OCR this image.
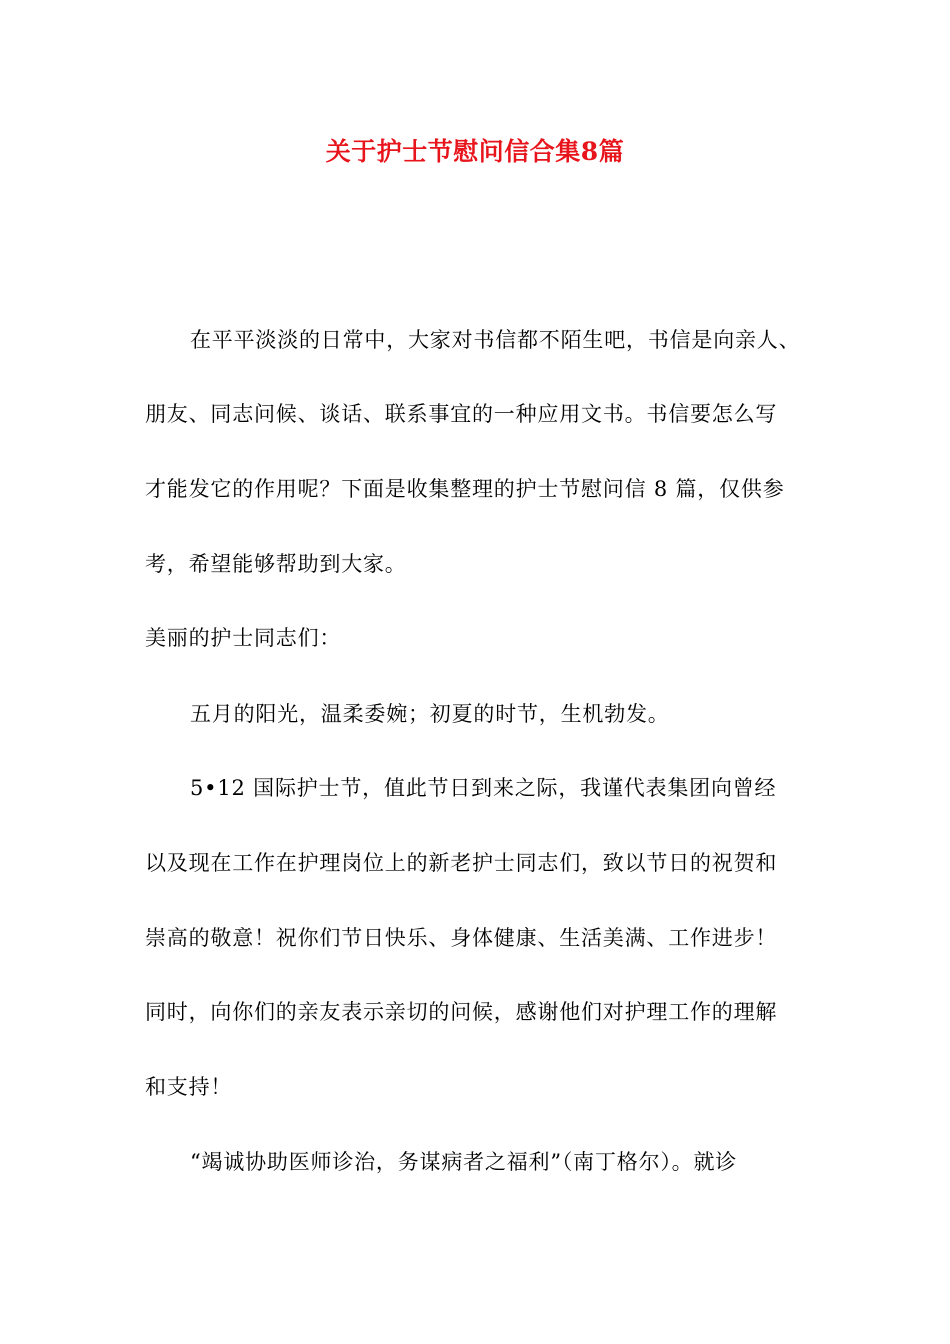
关于护士节慰问信合集8篇
在平平淡淡的日常中，大家对书信都不陌生吧，书信是向亲人、
朋友、同志问候、谈话、联系事宜的一种应用文书。书信要怎么写
才能发它的作用呢？下面是收集整理的护士节慰问信 8 篇，仅供参
考，希望能够帮助到大家。
美丽的护士同志们：
五月的阳光，温柔委婉；初夏的时节，生机勃发。
5•12 国际护士节，值此节日到来之际，我谨代表集团向曾经
以及现在工作在护理岗位上的新老护士同志们，致以节日的祝贺和
崇高的敬意！祝你们节日快乐、身体健康、生活美满、工作进步！
同时，向你们的亲友表示亲切的问候，感谢他们对护理工作的理解
和支持！
“竭诚协助医师诊治，务谋病者之福利”（南丁格尔）。就诊
